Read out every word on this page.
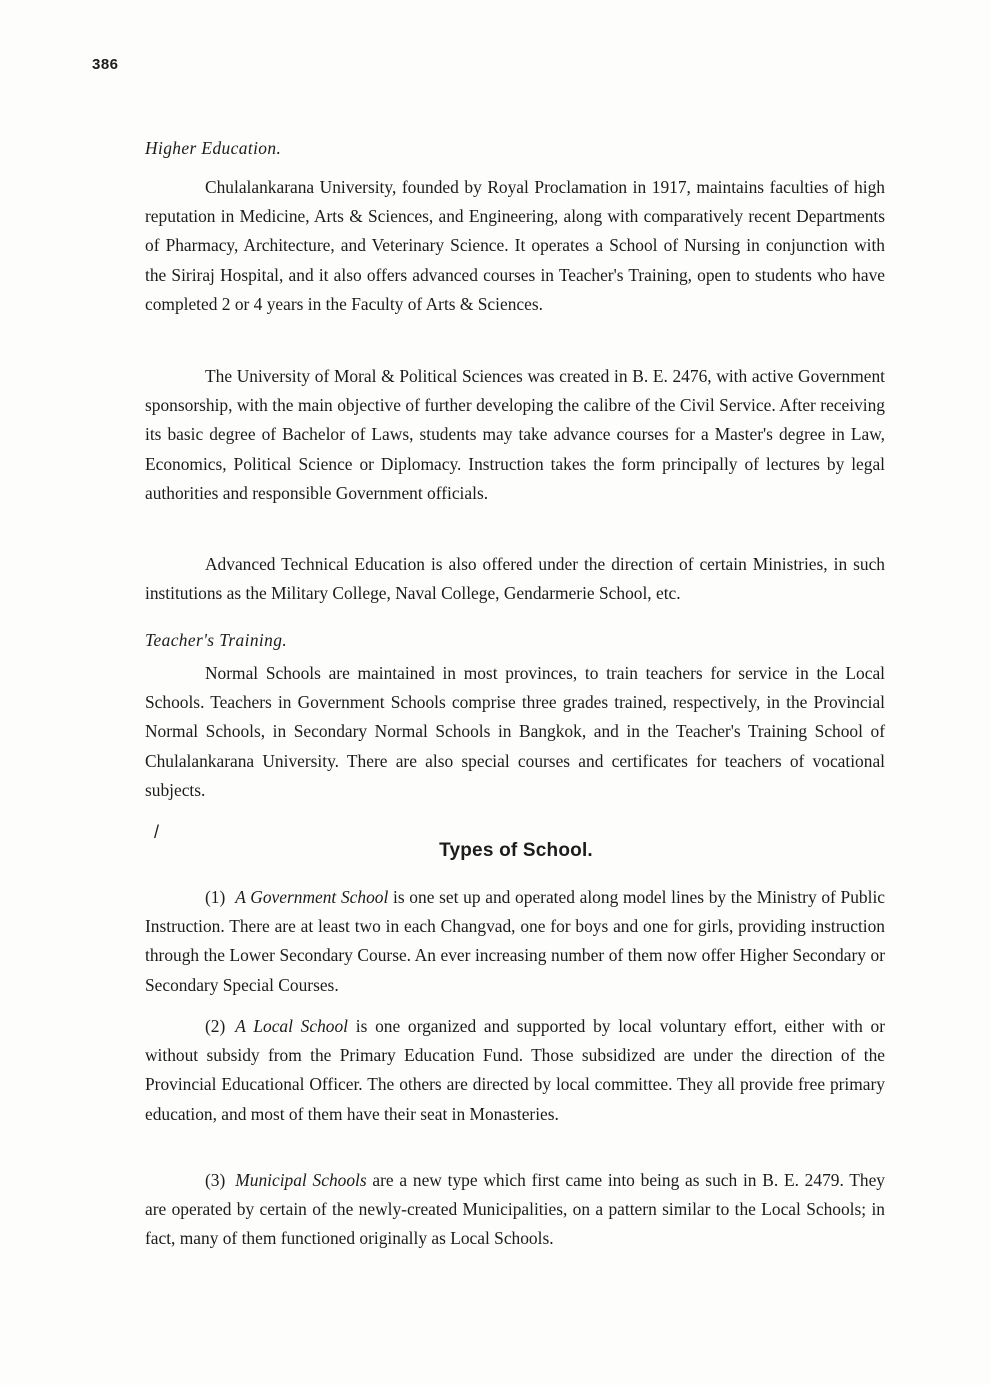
386
Higher Education.

Chulalankarana University, founded by Royal Proclamation in 1917, maintains faculties of high reputation in Medicine, Arts & Sciences, and Engineering, along with comparatively recent Departments of Pharmacy, Architecture, and Veterinary Science. It operates a School of Nursing in conjunction with the Siriraj Hospital, and it also offers advanced courses in Teacher's Training, open to students who have completed 2 or 4 years in the Faculty of Arts & Sciences.

The University of Moral & Political Sciences was created in B. E. 2476, with active Government sponsorship, with the main objective of further developing the calibre of the Civil Service. After receiving its basic degree of Bachelor of Laws, students may take advance courses for a Master's degree in Law, Economics, Political Science or Diplomacy. Instruction takes the form principally of lectures by legal authorities and responsible Government officials.

Advanced Technical Education is also offered under the direction of certain Ministries, in such institutions as the Military College, Naval College, Gendarmerie School, etc.

Teacher's Training.

Normal Schools are maintained in most provinces, to train teachers for service in the Local Schools. Teachers in Government Schools comprise three grades trained, respectively, in the Provincial Normal Schools, in Secondary Normal Schools in Bangkok, and in the Teacher's Training School of Chulalankarana University. There are also special courses and certificates for teachers of vocational subjects.

/
Types of School.

(1) A Government School is one set up and operated along model lines by the Ministry of Public Instruction. There are at least two in each Changvad, one for boys and one for girls, providing instruction through the Lower Secondary Course. An ever increasing number of them now offer Higher Secondary or Secondary Special Courses.

(2) A Local School is one organized and supported by local voluntary effort, either with or without subsidy from the Primary Education Fund. Those subsidized are under the direction of the Provincial Educational Officer. The others are directed by local committee. They all provide free primary education, and most of them have their seat in Monasteries.

(3) Municipal Schools are a new type which first came into being as such in B. E. 2479. They are operated by certain of the newly-created Municipalities, on a pattern similar to the Local Schools; in fact, many of them functioned originally as Local Schools.
